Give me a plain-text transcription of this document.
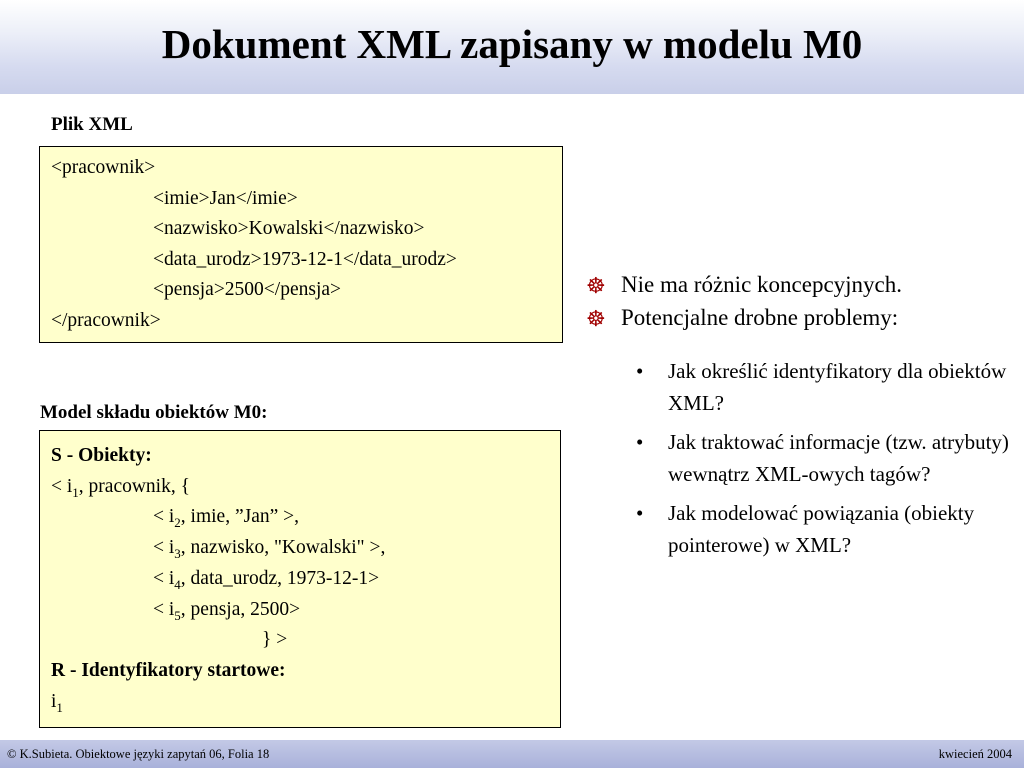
Dokument XML zapisany w modelu M0
Plik XML
<pracownik>
<imie>Jan</imie>
<nazwisko>Kowalski</nazwisko>
<data_urodz>1973-12-1</data_urodz>
<pensja>2500</pensja>
</pracownik>
Model składu obiektów M0:
S - Obiekty:
< $i_1$, pracownik, {
< $i_2$, imie, ”Jan” >,
< $i_3$, nazwisko, "Kowalski" >,
< $i_4$, data_urodz, 1973-12-1>
< $i_5$, pensja, 2500>
} >
R - Identyfikatory startowe:
$i_1$
☸ Nie ma różnic koncepcyjnych.
☸ Potencjalne drobne problemy:
• Jak określić identyfikatory dla obiektów XML?
• Jak traktować informacje (tzw. atrybuty) wewnątrz XML-owych tagów?
• Jak modelować powiązania (obiekty pointerowe) w XML?
© K.Subieta. Obiektowe języki zapytań 06, Folia 18	kwiecień 2004
